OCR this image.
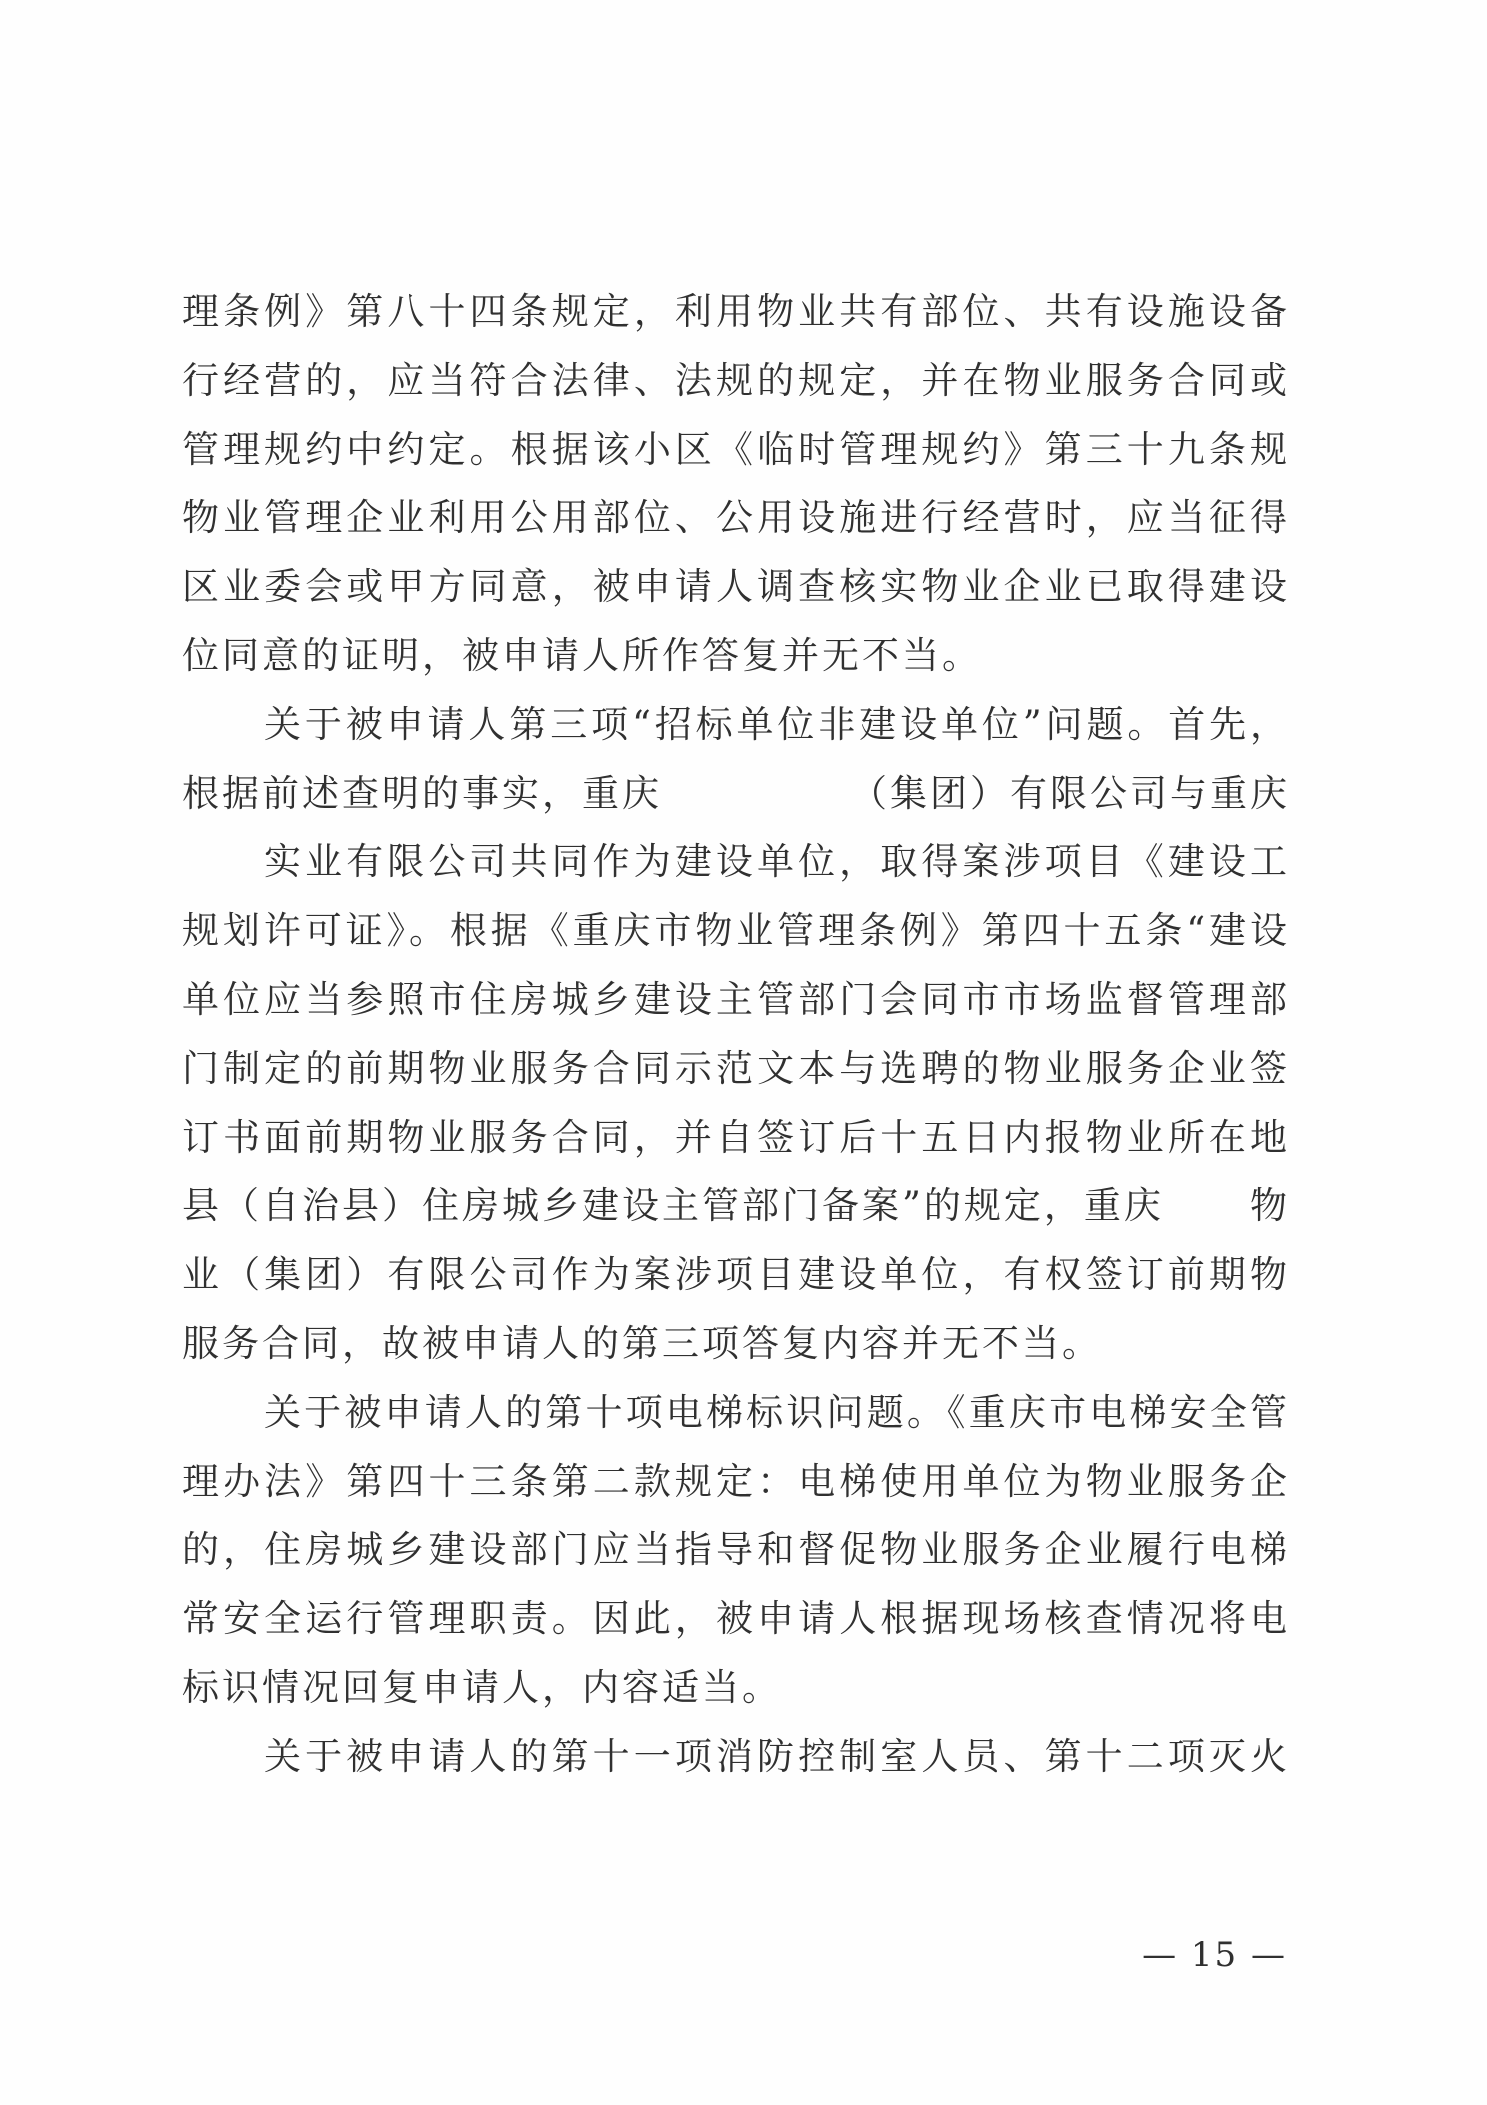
理条例》第八十四条规定，利用物业共有部位、共有设施设备
行经营的，应当符合法律、法规的规定，并在物业服务合同或
管理规约中约定。根据该小区《临时管理规约》第三十九条规
物业管理企业利用公用部位、公用设施进行经营时，应当征得
区业委会或甲方同意，被申请人调查核实物业企业已取得建设
位同意的证明，被申请人所作答复并无不当。
关于被申请人第三项“招标单位非建设单位”问题。首先，
根据前述查明的事实，重庆	（集团）有限公司与重庆
实业有限公司共同作为建设单位，取得案涉项目《建设工
规划许可证》。根据《重庆市物业管理条例》第四十五条“建设
单位应当参照市住房城乡建设主管部门会同市市场监督管理部
门制定的前期物业服务合同示范文本与选聘的物业服务企业签
订书面前期物业服务合同，并自签订后十五日内报物业所在地
县（自治县）住房城乡建设主管部门备案”的规定，重庆 物
业（集团）有限公司作为案涉项目建设单位，有权签订前期物
服务合同，故被申请人的第三项答复内容并无不当。
关于被申请人的第十项电梯标识问题。《重庆市电梯安全管
理办法》第四十三条第二款规定：电梯使用单位为物业服务企
的，住房城乡建设部门应当指导和督促物业服务企业履行电梯
常安全运行管理职责。因此，被申请人根据现场核查情况将电
标识情况回复申请人，内容适当。
关于被申请人的第十一项消防控制室人员、第十二项灭火
— 15 —
